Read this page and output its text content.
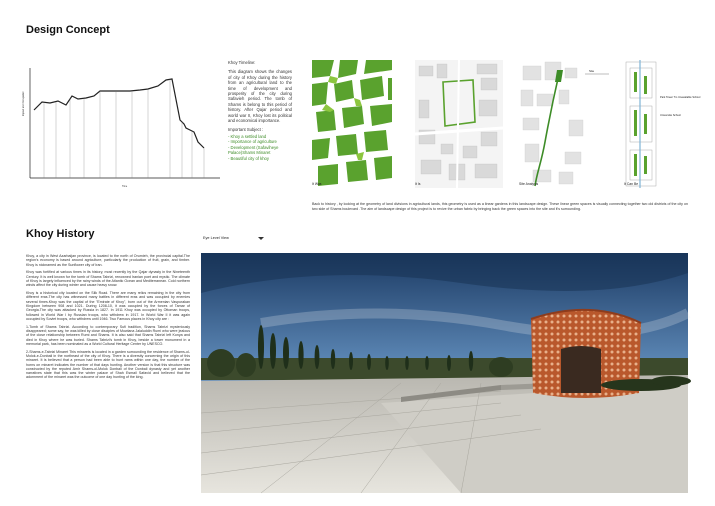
Design Concept
Impact and Occupation
Time
Khoy Timeline:
This diagram shows the changes of city of Khoy during the history from an agricultural land to the time of development and prosperity of the city during Safavieh period. The tomb of Shams is belong to this period of history. After Qajar period and world war II, Khoy lost its political and economical importance.
Important Subject :
- Khoy a settled land
- Importance of agriculture
- Development (Safaviheye
Palace)Shams Minaret
- Beautiful city of khoy
It Was	It Is
Site
Site Analysis
Park Tower Tm Unavailable School
Universitie School
It Can Be
Back to history , by looking at the geometry of land divisions in agricultural lands, this geometry is used as a linear gardens in this landscape design. These linear green spaces is visually connecting together two old districts of the city on two side of Shams boulevard .The aim of landscape design of this project is to revive the urban fabric by bringing back the green spaces into the site and it's surrounding.
Khoy History

Khoy, a city in West Azarbaijan province, is located to the north of Orumieh, the provincial capital.The region's economy is based around agriculture, particularly the production of fruit, grain, and timber. Khoy is nicknamed as the Sunflower city of Iran.

Khoy was fortified at various times in its history, most recently by the Qajar dynasty in the Nineteenth Century. It is well known for the tomb of Shams Tabrizi, renowned Iranian poet and mystic. The climate of Khoy is largely influenced by the rainy winds of the Atlantic Ocean and Mediterranean. Cold northern winds affect the city during winter and cause heavy snow.

Khoy is a historical city located on the Silk Road. There are many relics remaining in the city from different eras.The city has witnessed many battles in different eras and was occupied by enemies several times.Khoy was the capital of the "Emirate of Khoy", born out of the Armenian Vaspurakan Kingdom between 908 and 1021. During 1208-10, it was occupied by the forces of Tamar of Georgia.The city was attacked by Russia in 1827. In 1911 Khoy was occupied by Ottoman troops, followed in World War I by Russian troops, who withdrew in 1917. In World War II it was again occupied by Soviet troops, who withdrew until 1946. Two Famous places in Khoy city are :

1-Tomb of Shams Tabrizi. According to contemporary Sufi tradition, Shams Tabrizi mysteriously disappeared; some say, he was killed by close disciples of Mowlana Jalaluddin Rumi who were jealous of the close relationship between Rumi and Shams. It is also said that Shams Tabrizi left Konya and died in Khoy where he was buried. Shams Tabrizi's tomb in Khoy, beside a tower monument in a memorial park, has been nominated as a World Cultural Heritage Center by UNESCO.

2-Shams-e-Tabrizi Minaret This minarets is located in a garden surrounding the residence of Shams-ol-Molok-e-Donbali in the northeast of the city of Khoy. There is a diversity concerning the origin of this minaret. It is believed that a person had been able to hunt rams within one day, the number of the horns on minaret indicates the number of that days hunting. Another version is that this structure was constructed by the reputed Amir Shams-ol-Molok Donbali of the Donbali dynasty and yet another narratives state that this was the winter palace of Shah Esmail Safavid and believed that the adornment of the minaret was the outcome of one day hunting of the king.

Eye Level View
